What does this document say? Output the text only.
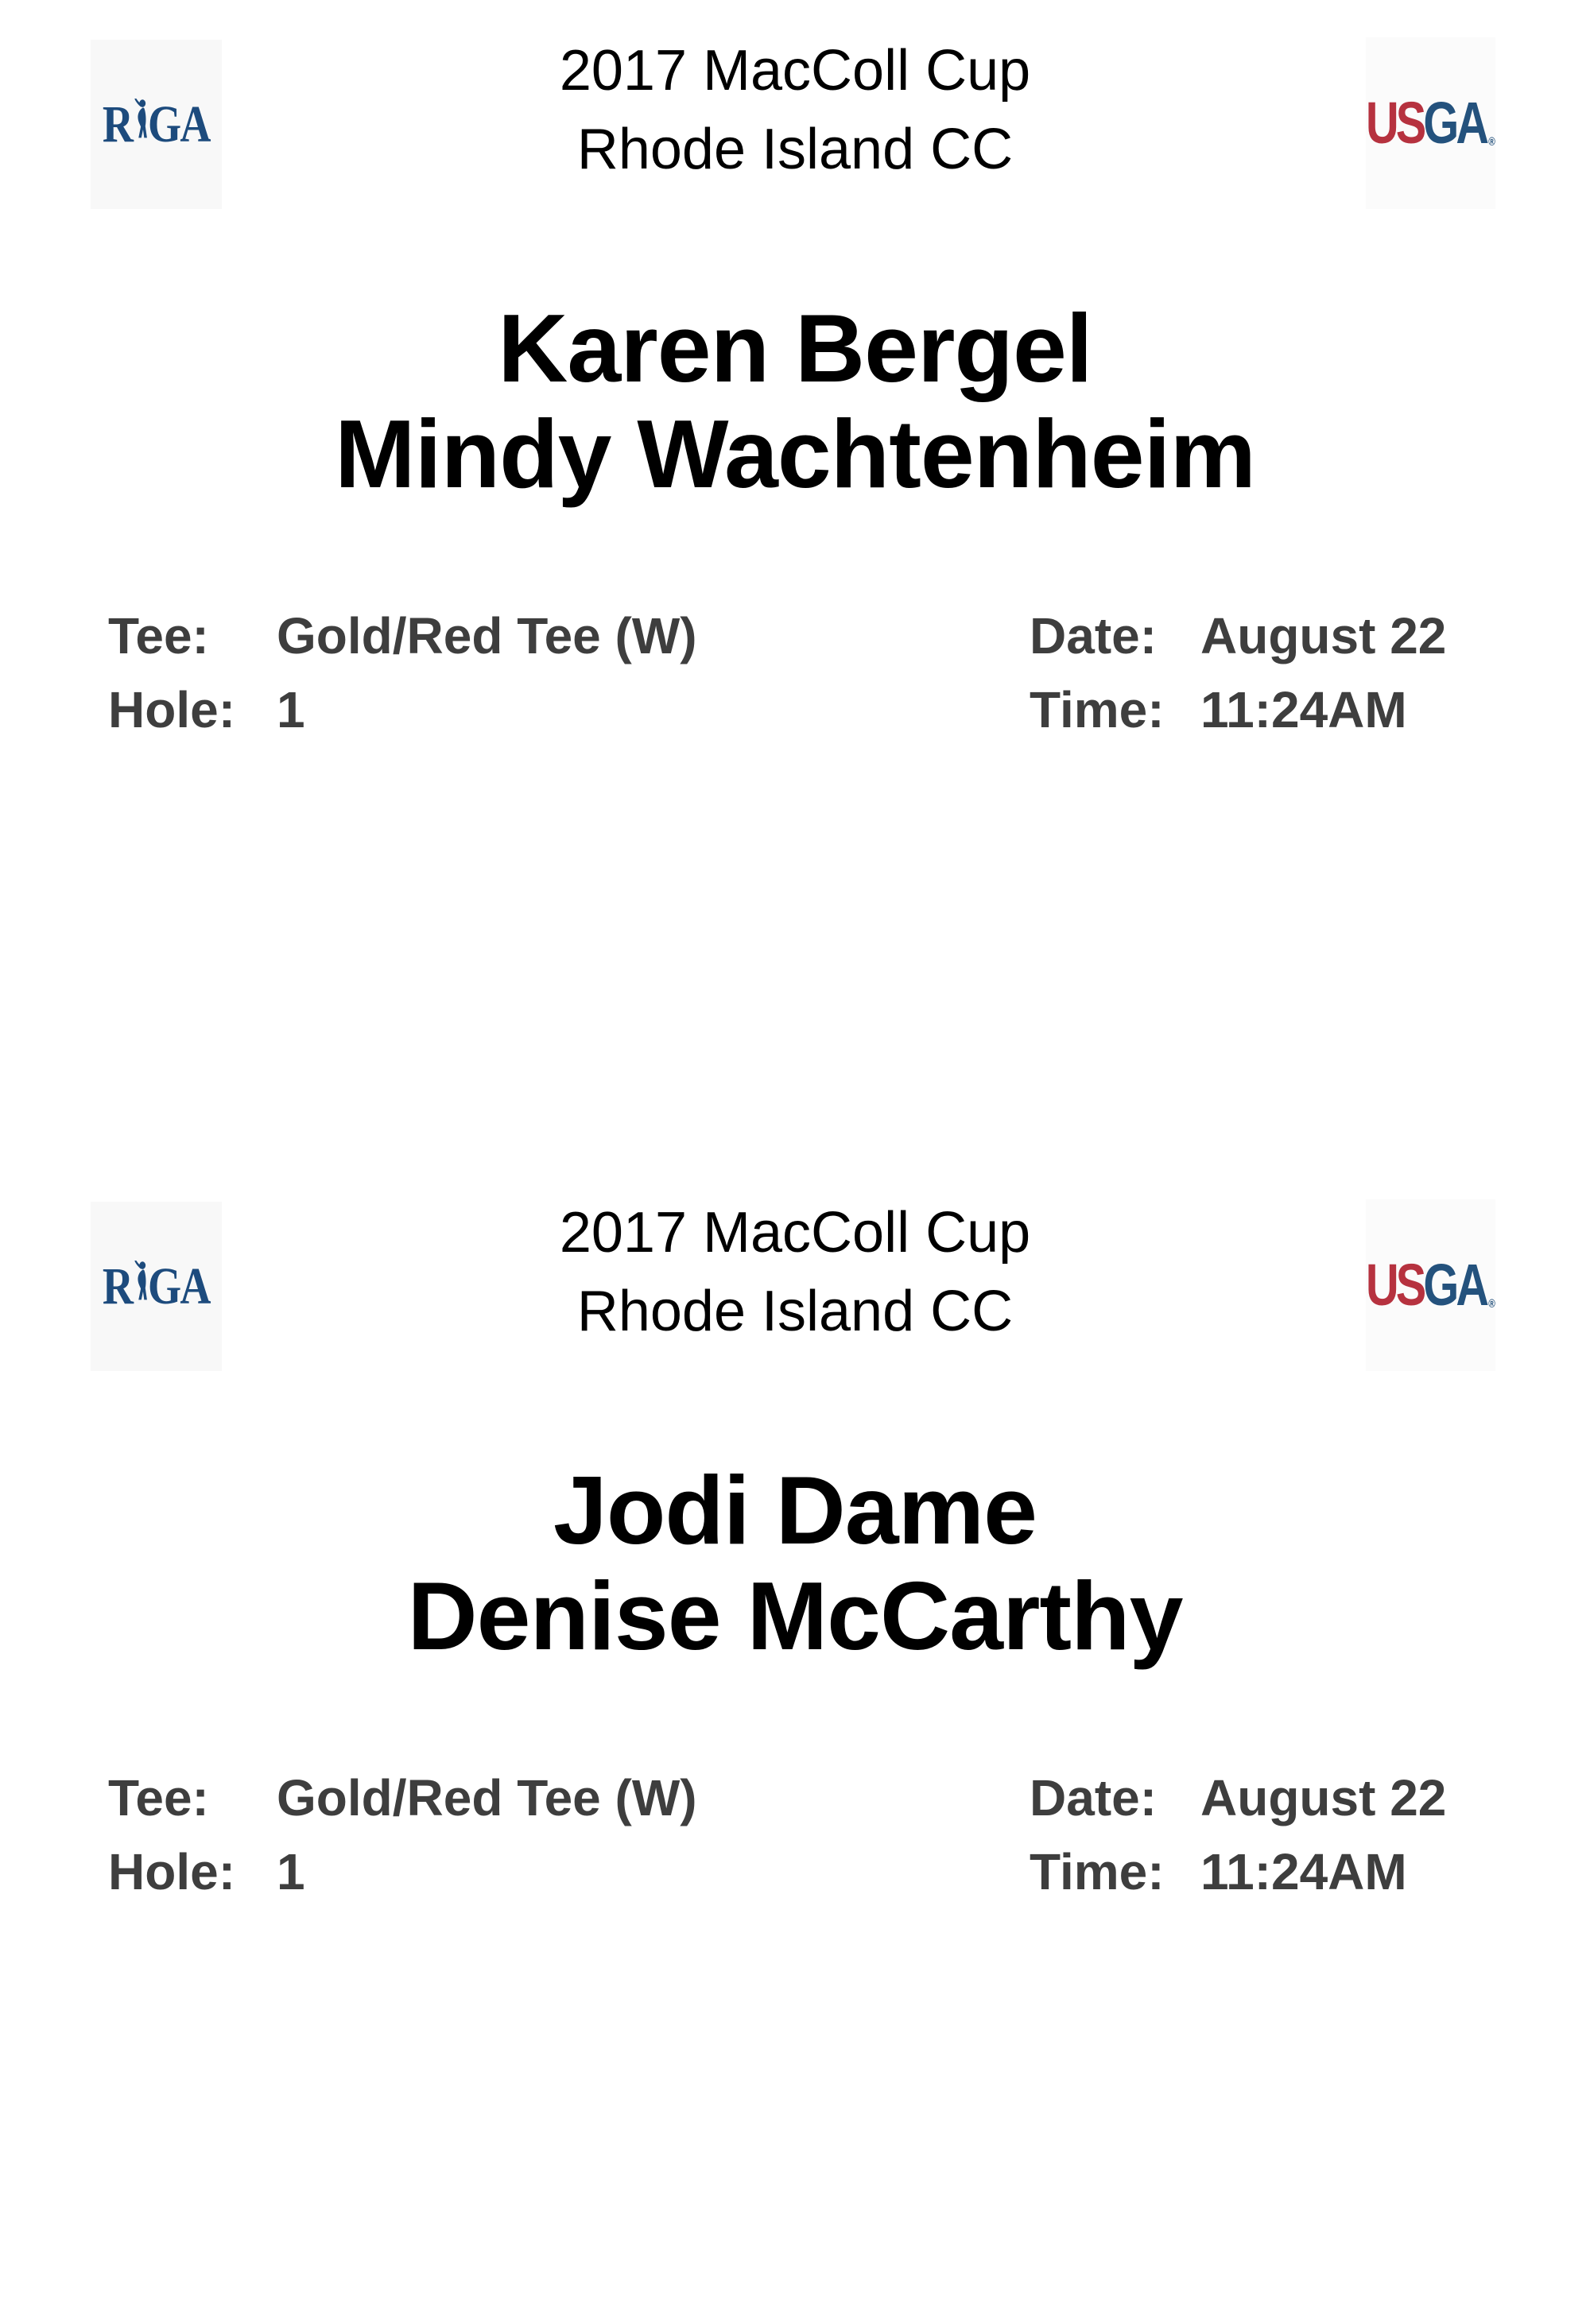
R GA	US GA ®
2017 MacColl Cup
Rhode Island CC
Karen Bergel
Mindy Wachtenheim
Tee:	Gold/Red Tee (W)
Hole: 1
Date: August 22
Time: 11:24AM
R GA	US GA ®
2017 MacColl Cup
Rhode Island CC
Jodi Dame
Denise McCarthy
Tee:	Gold/Red Tee (W)
Hole: 1
Date: August 22
Time: 11:24AM
